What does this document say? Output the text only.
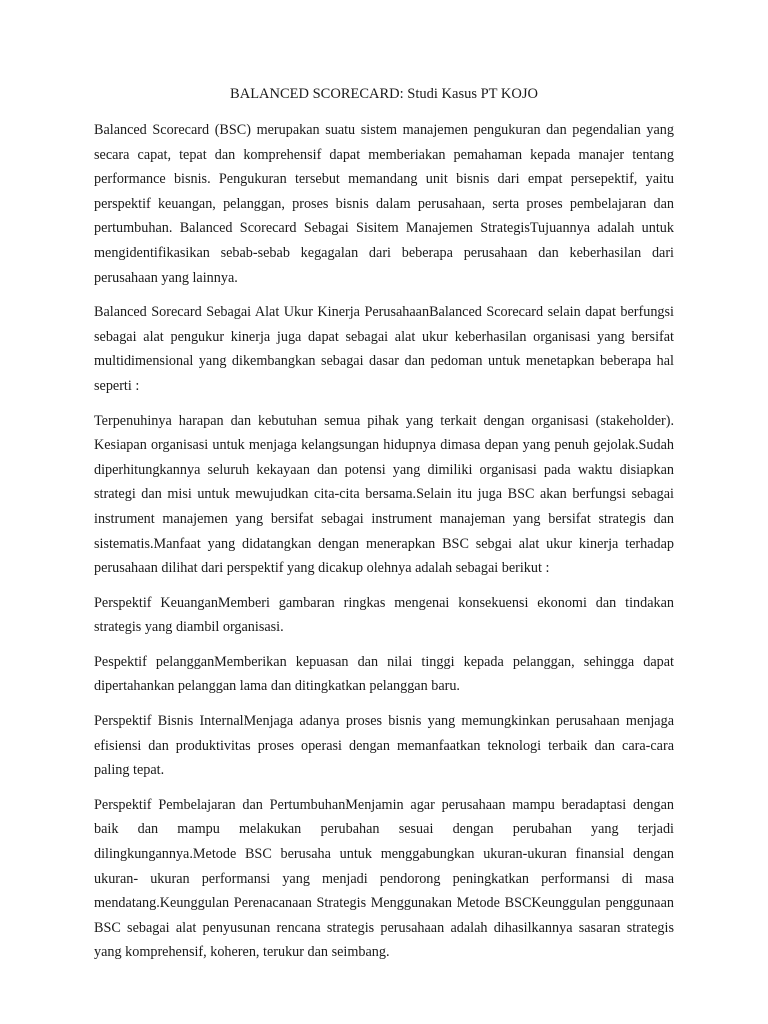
BALANCED SCORECARD: Studi Kasus PT KOJO

Balanced Scorecard (BSC) merupakan suatu sistem manajemen pengukuran dan pegendalian yang secara capat, tepat dan komprehensif dapat memberiakan pemahaman kepada manajer tentang performance bisnis. Pengukuran tersebut memandang unit bisnis dari empat persepektif, yaitu perspektif keuangan, pelanggan, proses bisnis dalam perusahaan, serta proses pembelajaran dan pertumbuhan. Balanced Scorecard Sebagai Sisitem Manajemen StrategisTujuannya adalah untuk mengidentifikasikan sebab-sebab kegagalan dari beberapa perusahaan dan keberhasilan dari perusahaan yang lainnya.

Balanced Sorecard Sebagai Alat Ukur Kinerja PerusahaanBalanced Scorecard selain dapat berfungsi sebagai alat pengukur kinerja juga dapat sebagai alat ukur keberhasilan organisasi yang bersifat multidimensional yang dikembangkan sebagai dasar dan pedoman untuk menetapkan beberapa hal seperti :

Terpenuhinya harapan dan kebutuhan semua pihak yang terkait dengan organisasi (stakeholder). Kesiapan organisasi untuk menjaga kelangsungan hidupnya dimasa depan yang penuh gejolak.Sudah diperhitungkannya seluruh kekayaan dan potensi yang dimiliki organisasi pada waktu disiapkan strategi dan misi untuk mewujudkan cita-cita bersama.Selain itu juga BSC akan berfungsi sebagai instrument manajemen yang bersifat sebagai instrument manajeman yang bersifat strategis dan sistematis.Manfaat yang didatangkan dengan menerapkan BSC sebgai alat ukur kinerja terhadap perusahaan dilihat dari perspektif yang dicakup olehnya adalah sebagai berikut :

Perspektif KeuanganMemberi gambaran ringkas mengenai konsekuensi ekonomi dan tindakan strategis yang diambil organisasi.

Pespektif pelangganMemberikan kepuasan dan nilai tinggi kepada pelanggan, sehingga dapat dipertahankan pelanggan lama dan ditingkatkan pelanggan baru.

Perspektif Bisnis InternalMenjaga adanya proses bisnis yang memungkinkan perusahaan menjaga efisiensi dan produktivitas proses operasi dengan memanfaatkan teknologi terbaik dan cara-cara paling tepat.

Perspektif Pembelajaran dan PertumbuhanMenjamin agar perusahaan mampu beradaptasi dengan baik dan mampu melakukan perubahan sesuai dengan perubahan yang terjadi dilingkungannya.Metode BSC berusaha untuk menggabungkan ukuran-ukuran finansial dengan ukuran- ukuran performansi yang menjadi pendorong peningkatkan performansi di masa mendatang.Keunggulan Perenacanaan Strategis Menggunakan Metode BSCKeunggulan penggunaan BSC sebagai alat penyusunan rencana strategis perusahaan adalah dihasilkannya sasaran strategis yang komprehensif, koheren, terukur dan seimbang.
